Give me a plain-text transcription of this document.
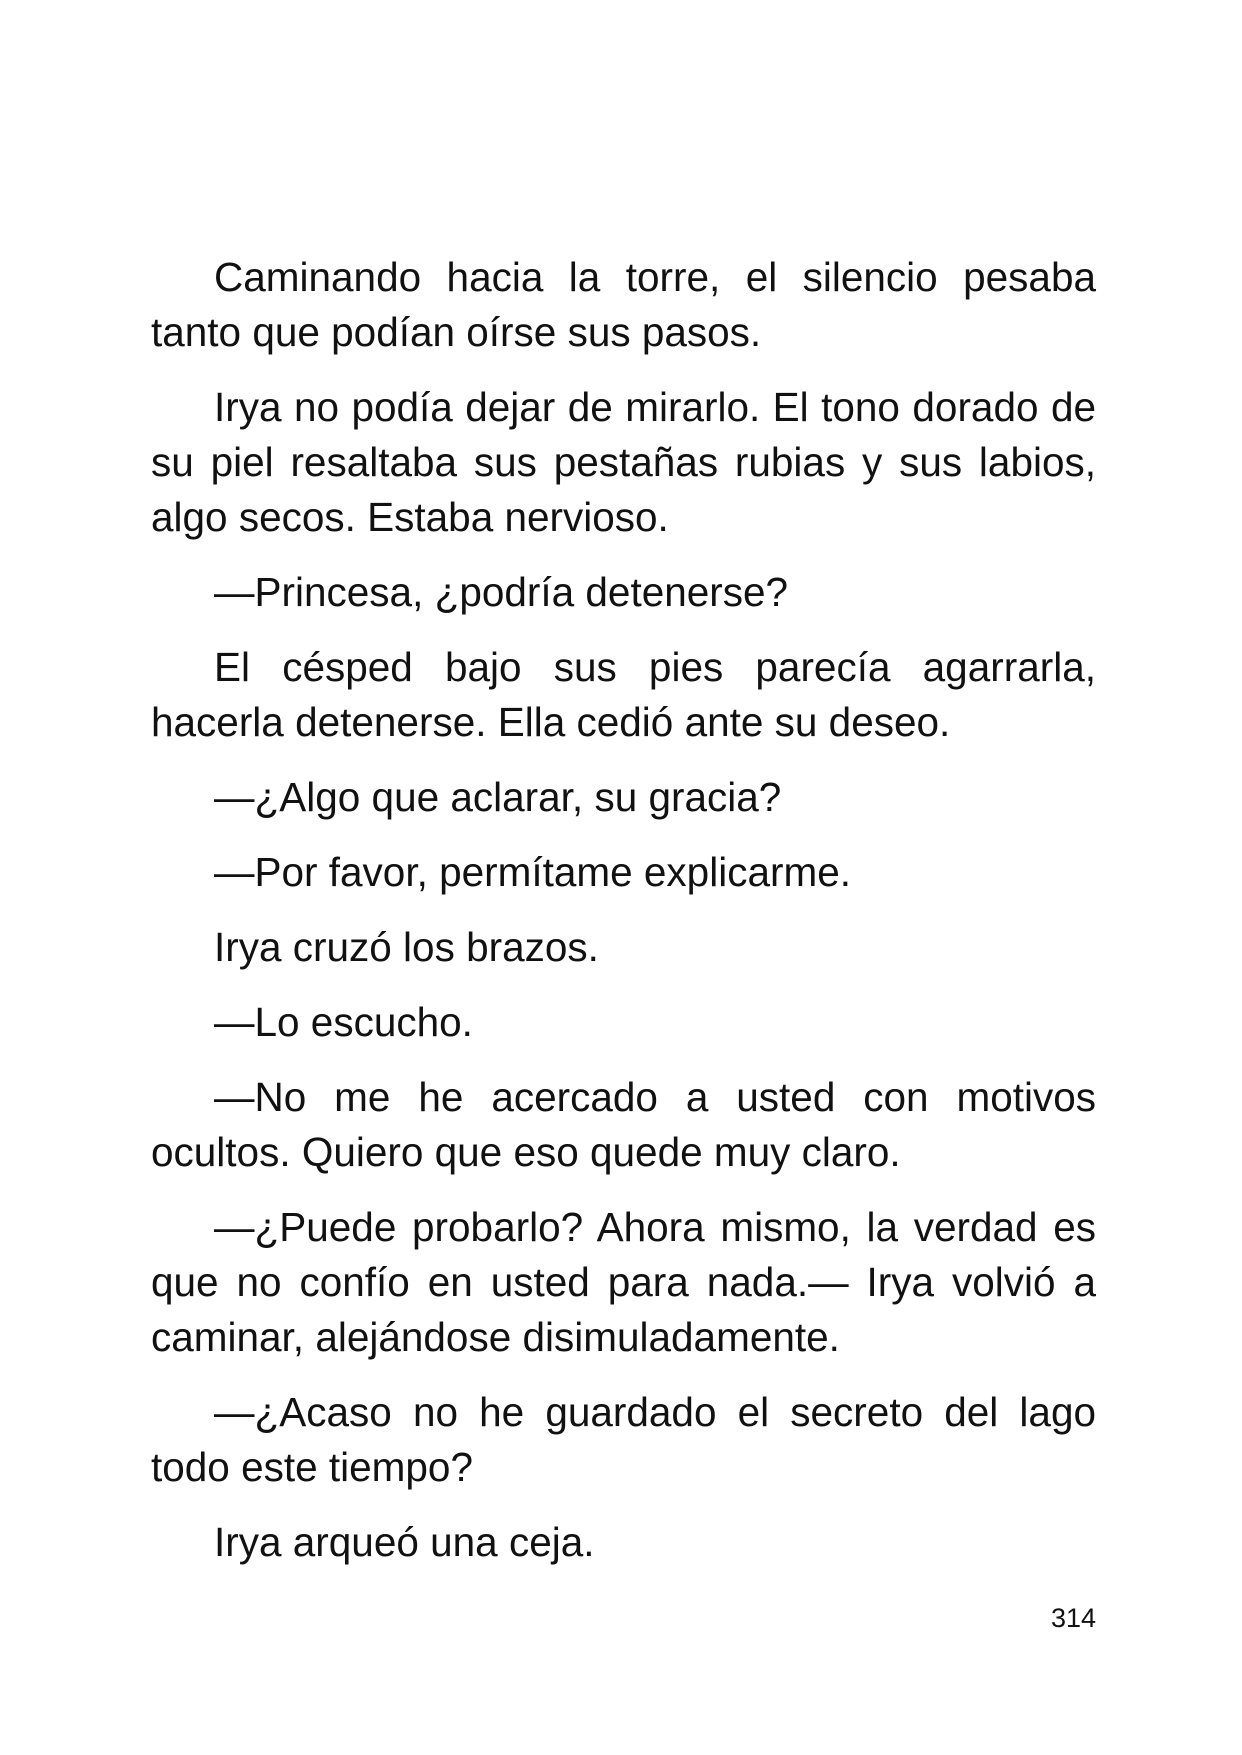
Caminando hacia la torre, el silencio pesaba tanto que podían oírse sus pasos.

Irya no podía dejar de mirarlo. El tono dorado de su piel resaltaba sus pestañas rubias y sus labios, algo secos. Estaba nervioso.

—Princesa, ¿podría detenerse?

El césped bajo sus pies parecía agarrarla, hacerla detenerse. Ella cedió ante su deseo.

—¿Algo que aclarar, su gracia?

—Por favor, permítame explicarme.

Irya cruzó los brazos.

—Lo escucho.

—No me he acercado a usted con motivos ocultos. Quiero que eso quede muy claro.

—¿Puede probarlo? Ahora mismo, la verdad es que no confío en usted para nada.— Irya volvió a caminar, alejándose disimuladamente.

—¿Acaso no he guardado el secreto del lago todo este tiempo?

Irya arqueó una ceja.

314
